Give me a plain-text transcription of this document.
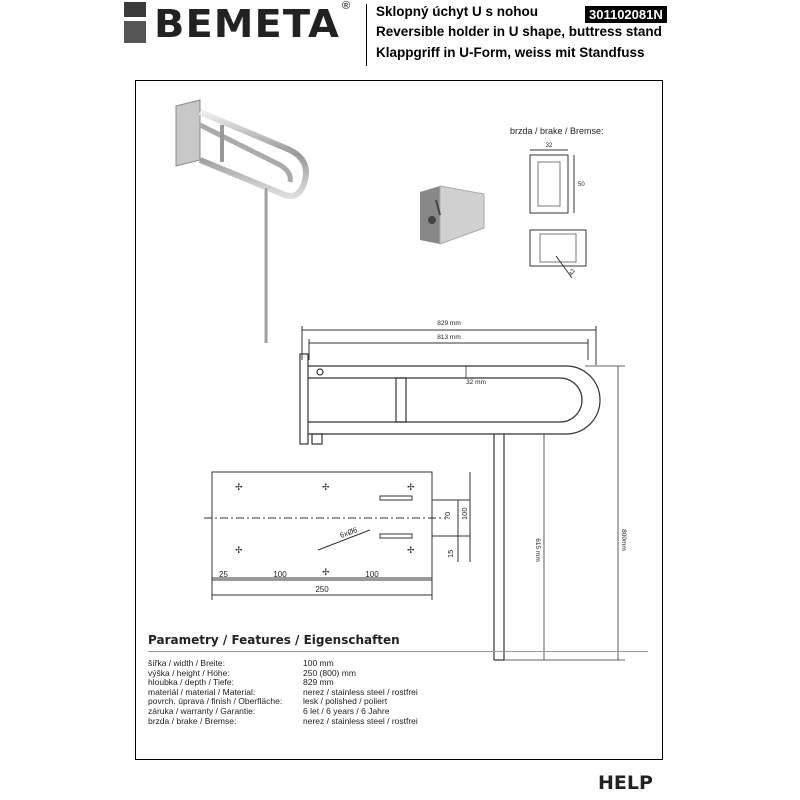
BEMETA ® Sklopný úchyt U s nohou
Reversible holder in U shape, buttress stand
Klappgriff in U-Form, weiss mit Standfuss
301102081N
brzda / brake / Bremse:
32
50
42
829 mm
813 mm
32 mm
800mm
615 mm
✢	✢	✢
✢
✢
✢
6xØ6
70 100
15
25	100	100
250
Parametry / Features / Eigenschaften
šířka / width / Breite:	100 mm
výška / height / Höhe:	250 (800) mm
hloubka / depth / Tiefe:	829 mm
materiál / material / Material:	nerez / stainless steel / rostfrei
povrch. úprava / finish / Oberfläche:	lesk / polished / poliert
záruka / warranty / Garantie:	6 let / 6 years / 6 Jahre
brzda / brake / Bremse:	nerez / stainless steel / rostfrei
HELP
